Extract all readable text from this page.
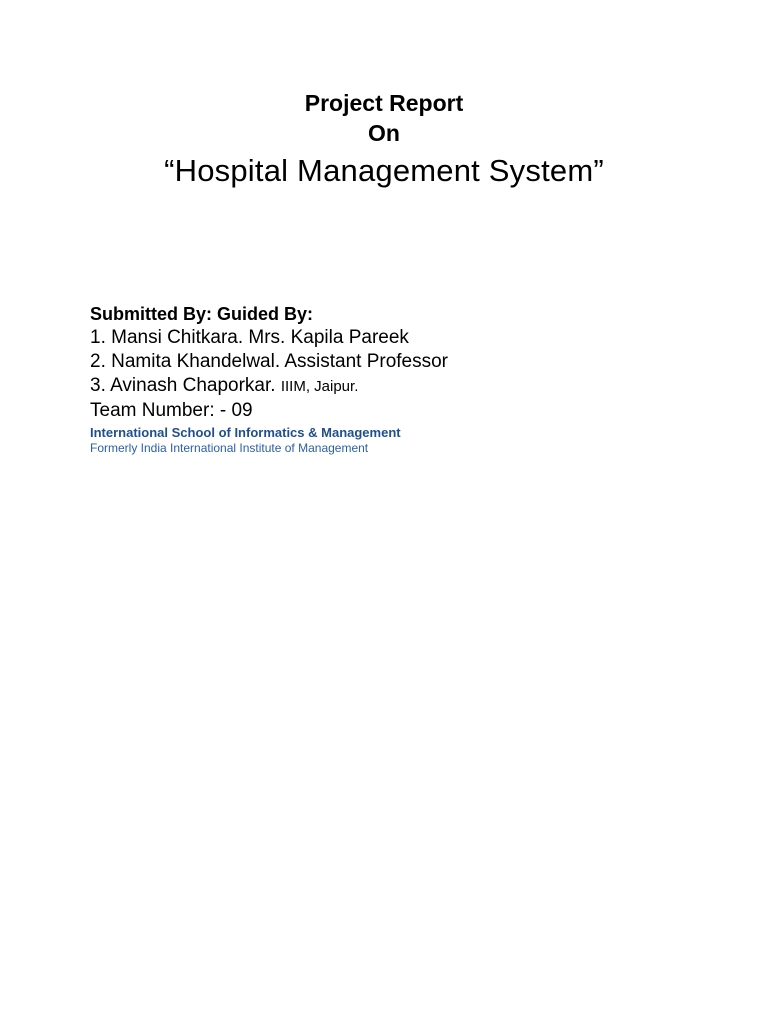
Project Report

On

“Hospital Management System”

Submitted By: Guided By:

1. Mansi Chitkara. Mrs. Kapila Pareek

2. Namita Khandelwal. Assistant Professor

3. Avinash Chaporkar. IIIM, Jaipur.

Team Number: - 09

International School of Informatics & Management

Formerly India International Institute of Management
